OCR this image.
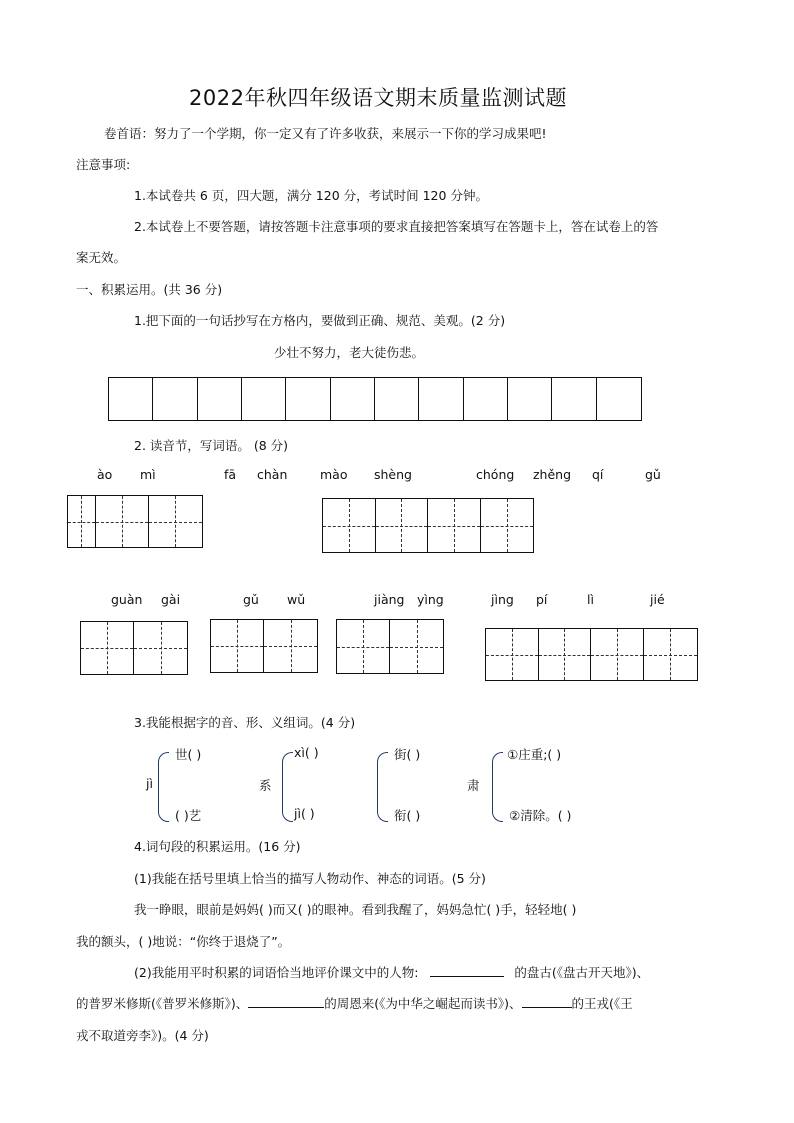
2022年秋四年级语文期末质量监测试题
卷首语：努力了一个学期，你一定又有了许多收获，来展示一下你的学习成果吧!
注意事项:
1.本试卷共 6 页，四大题，满分 120 分，考试时间 120 分钟。
2.本试卷上不要答题，请按答题卡注意事项的要求直接把答案填写在答题卡上，答在试卷上的答
案无效。
一、积累运用。(共 36 分)
1.把下面的一句话抄写在方格内，要做到正确、规范、美观。(2 分)
少壮不努力，老大徒伤悲。
2. 读音节，写词语。 (8 分)
ào mì	fā chàn	mào shèng	chóng zhěng qí	gǔ
guàn gài	gǔ wǔ	jiàng yìng	jìng pí	lì	jié
3.我能根据字的音、形、义组词。(4 分)
jì
世( )
( )艺
系
xì( )
jì( )
街( )
衔( )
肃
①庄重;( )
②清除。( )
4.词句段的积累运用。(16 分)
(1)我能在括号里填上恰当的描写人物动作、神态的词语。(5 分)
我一睁眼，眼前是妈妈( )而又( )的眼神。看到我醒了，妈妈急忙( )手，轻轻地( )
我的额头，( )地说：“你终于退烧了”。
(2)我能用平时积累的词语恰当地评价课文中的人物:	的盘古(《盘古开天地》)、
的普罗米修斯(《普罗米修斯》)、	的周恩来(《为中华之崛起而读书》)、	的王戎(《王
戎不取道旁李》)。(4 分)
